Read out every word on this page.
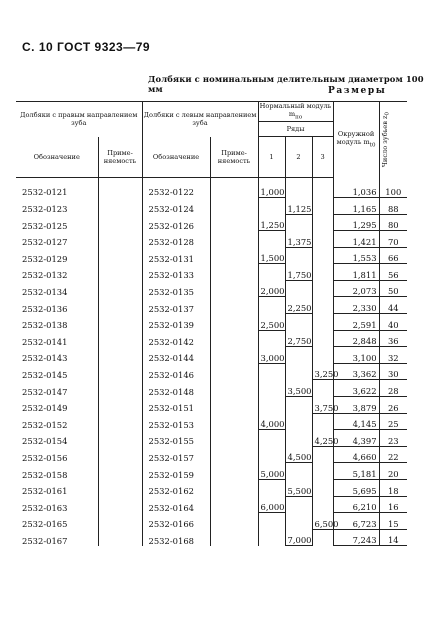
С. 10 ГОСТ 9323—79
Долбяки с номинальным делительным диаметром 100 мм	Размеры
Долбяки с правым направлением зуба		Долбяки с левым направлением зуба		Нормальный модуль $m_{по}$			Окружной модуль $m_{t0}$	Число зубьев $z_0$

				Ряды				
Обозначение	Применяемость	Обозначение	Применяемость	1	2	3		
2532-0121		2532-0122		1,000			1,036	100
2532-0123		2532-0124			1,125		1,165	88
2532-0125		2532-0126		1,250			1,295	80
2532-0127		2532-0128			1,375		1,421	70
2532-0129		2532-0131		1,500			1,553	66
2532-0132		2532-0133			1,750		1,811	56
2532-0134		2532-0135		2,000			2,073	50
2532-0136		2532-0137			2,250		2,330	44
2532-0138		2532-0139		2,500			2,591	40
2532-0141		2532-0142			2,750		2,848	36
2532-0143		2532-0144		3,000			3,100	32
2532-0145		2532-0146				3,250	3,362	30
2532-0147		2532-0148			3,500		3,622	28
2532-0149		2532-0151				3,750	3,879	26
2532-0152		2532-0153		4,000			4,145	25
2532-0154		2532-0155				4,250	4,397	23
2532-0156		2532-0157			4,500		4,660	22
2532-0158		2532-0159		5,000			5,181	20
2532-0161		2532-0162			5,500		5,695	18
2532-0163		2532-0164		6,000			6,210	16
2532-0165		2532-0166				6,500	6,723	15
2532-0167		2532-0168			7,000		7,243	14
